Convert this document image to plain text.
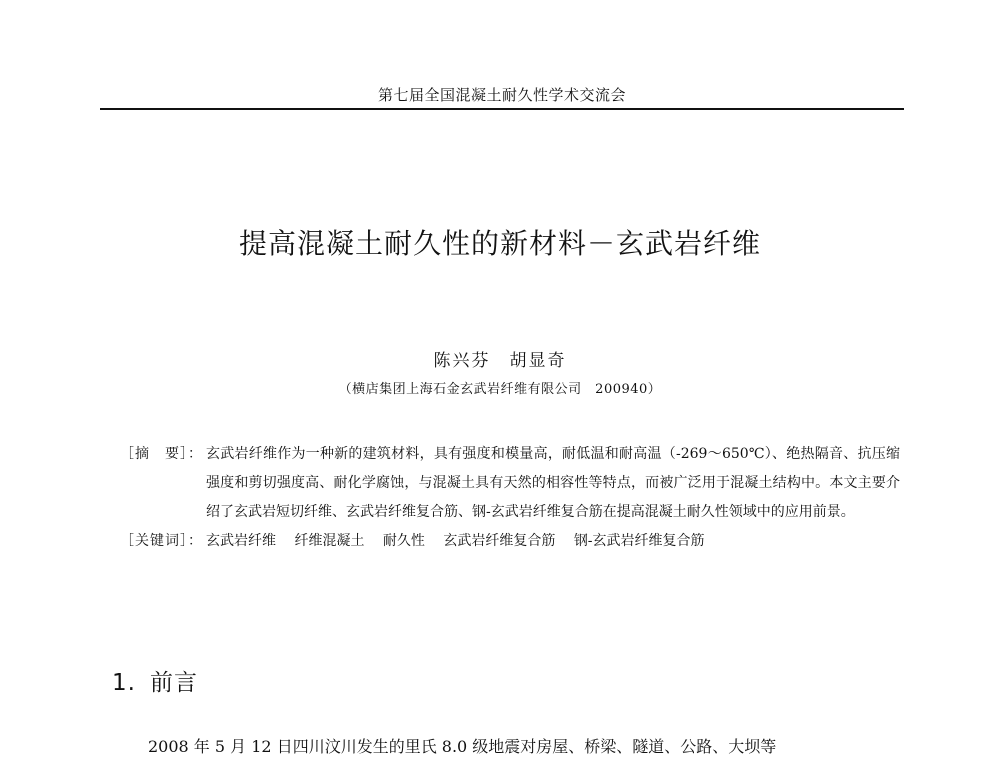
第七届全国混凝土耐久性学术交流会
提高混凝土耐久性的新材料－玄武岩纤维
陈兴芬　胡显奇
（横店集团上海石金玄武岩纤维有限公司　200940）
［摘　要］： 玄武岩纤维作为一种新的建筑材料，具有强度和模量高，耐低温和耐高温（-269～650℃）、绝热隔音、抗压缩强度和剪切强度高、耐化学腐蚀，与混凝土具有天然的相容性等特点，而被广泛用于混凝土结构中。本文主要介绍了玄武岩短切纤维、玄武岩纤维复合筋、钢-玄武岩纤维复合筋在提高混凝土耐久性领域中的应用前景。
［关键词］： 玄武岩纤维 纤维混凝土 耐久性 玄武岩纤维复合筋 钢-玄武岩纤维复合筋
1. 前言
2008 年 5 月 12 日四川汶川发生的里氏 8.0 级地震对房屋、桥梁、隧道、公路、大坝等
